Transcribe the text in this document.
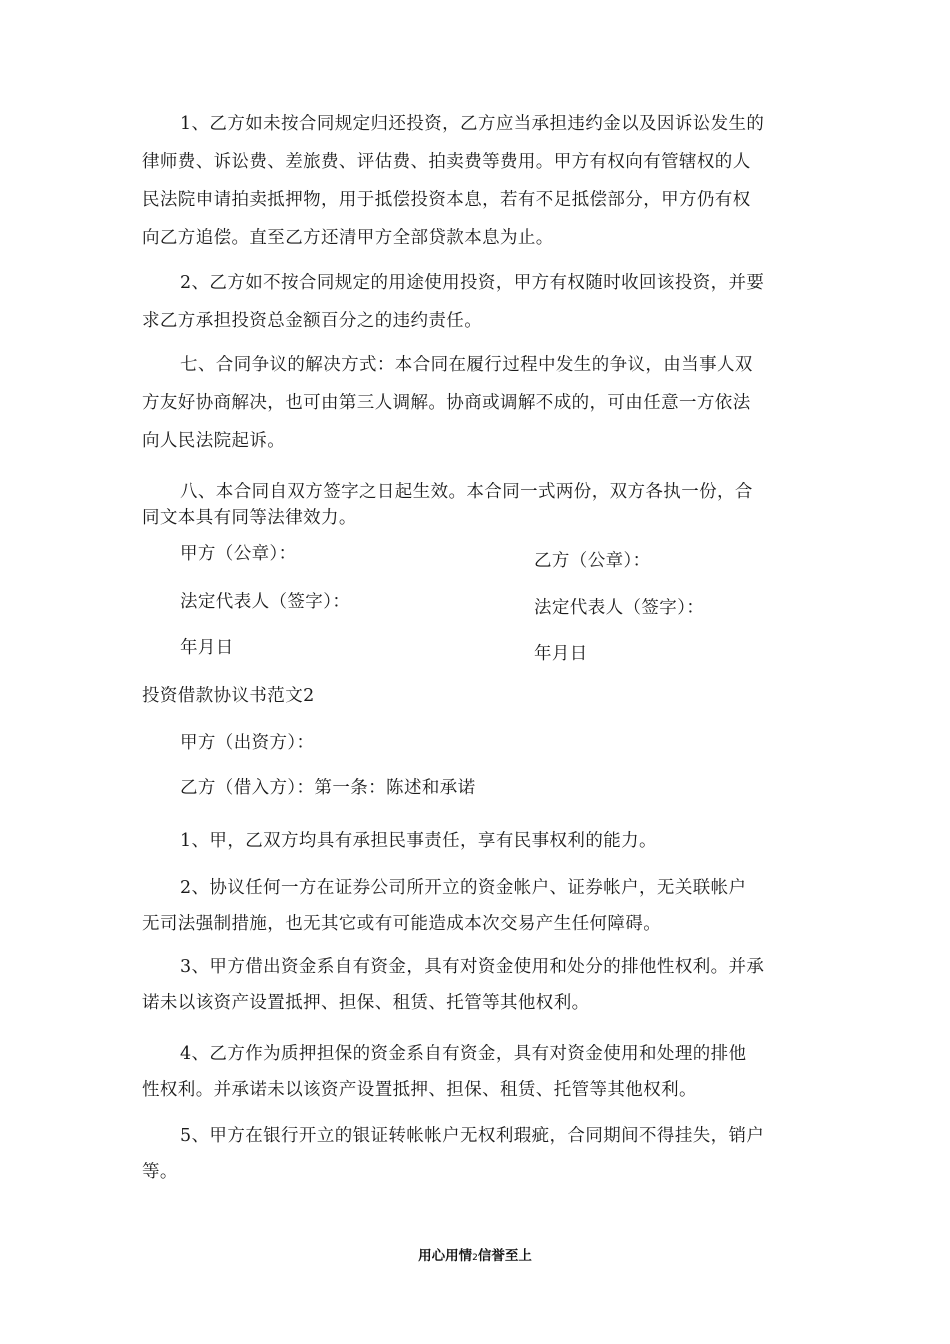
1、乙方如未按合同规定归还投资，乙方应当承担违约金以及因诉讼发生的
律师费、诉讼费、差旅费、评估费、拍卖费等费用。甲方有权向有管辖权的人
民法院申请拍卖抵押物，用于抵偿投资本息，若有不足抵偿部分，甲方仍有权
向乙方追偿。直至乙方还清甲方全部贷款本息为止。
2、乙方如不按合同规定的用途使用投资，甲方有权随时收回该投资，并要
求乙方承担投资总金额百分之的违约责任。
七、合同争议的解决方式：本合同在履行过程中发生的争议，由当事人双
方友好协商解决，也可由第三人调解。协商或调解不成的，可由任意一方依法
向人民法院起诉。
八、本合同自双方签字之日起生效。本合同一式两份，双方各执一份，合
同文本具有同等法律效力。
甲方（公章）：	乙方（公章）：
法定代表人（签字）：	法定代表人（签字）：
年月日	年月日
投资借款协议书范文2
甲方（出资方）：
乙方（借入方）：第一条：陈述和承诺
1、甲，乙双方均具有承担民事责任，享有民事权利的能力。
2、协议任何一方在证券公司所开立的资金帐户、证券帐户，无关联帐户
无司法强制措施，也无其它或有可能造成本次交易产生任何障碍。
3、甲方借出资金系自有资金，具有对资金使用和处分的排他性权利。并承
诺未以该资产设置抵押、担保、租赁、托管等其他权利。
4、乙方作为质押担保的资金系自有资金，具有对资金使用和处理的排他
性权利。并承诺未以该资产设置抵押、担保、租赁、托管等其他权利。
5、甲方在银行开立的银证转帐帐户无权利瑕疵，合同期间不得挂失，销户
等。
用心用情2信誉至上
